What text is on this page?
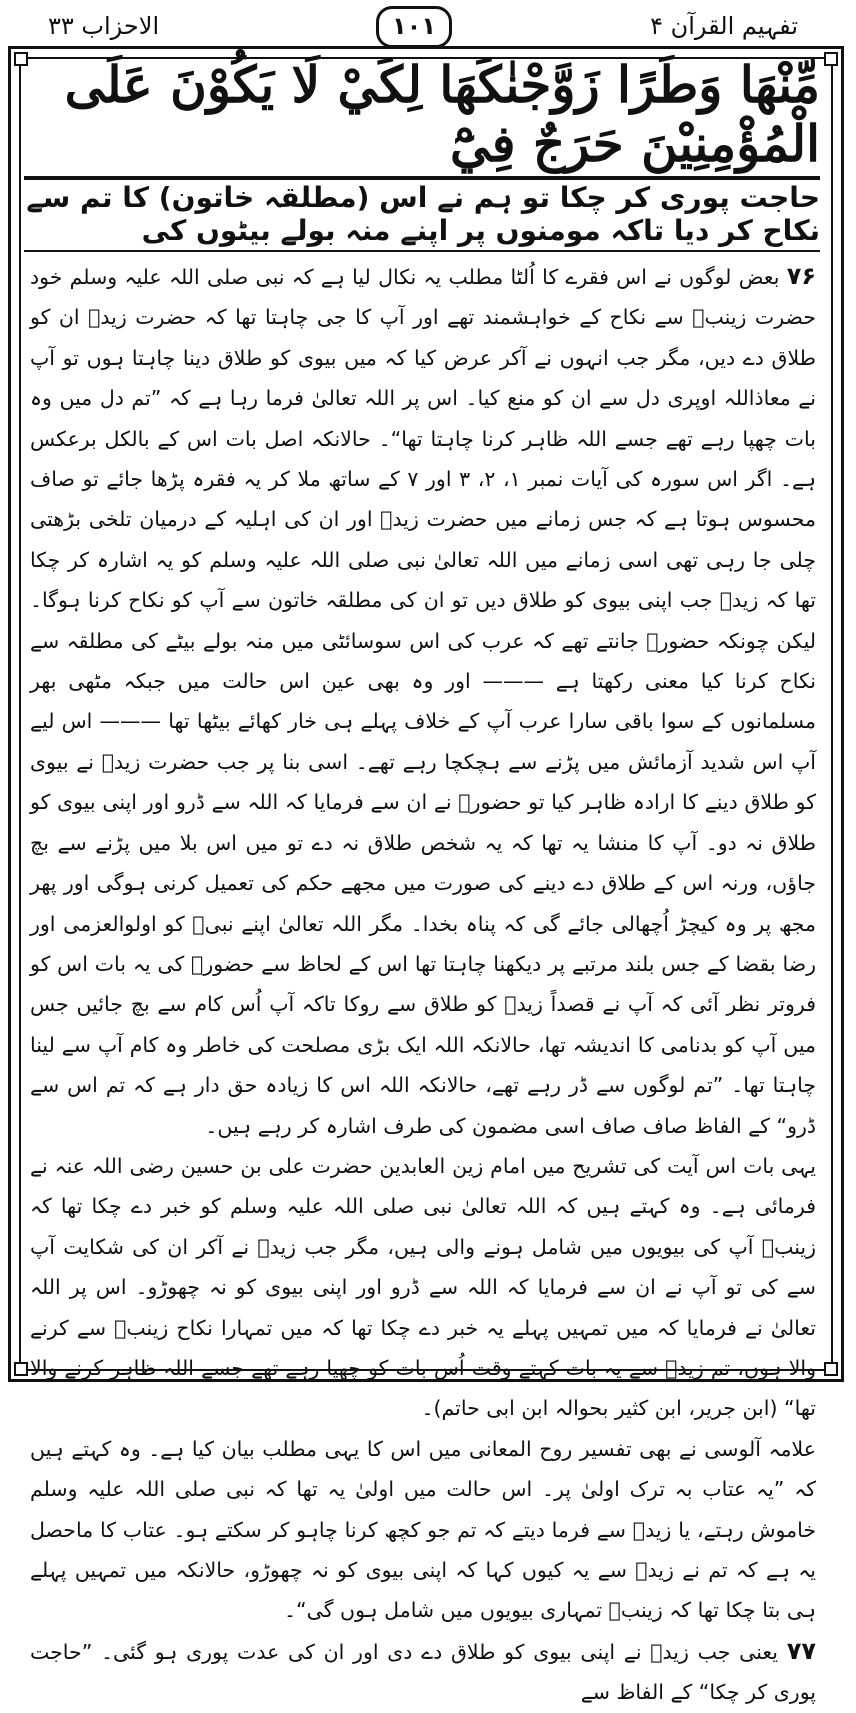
تفہیم القرآن ۴
۱۰۱
الاحزاب ۳۳
مِّنْهَا وَطَرًا زَوَّجْنٰكَهَا لِكَيْ لَا يَكُوْنَ عَلَى الْمُؤْمِنِيْنَ حَرَجٌ فِيْٓ
حاجت پوری کر چکا تو ہم نے اس (مطلقہ خاتون) کا تم سے نکاح کر دیا تاکہ مومنوں پر اپنے منہ بولے بیٹوں کی

۷۶ بعض لوگوں نے اس فقرے کا اُلٹا مطلب یہ نکال لیا ہے کہ نبی صلی اللہ علیہ وسلم خود حضرت زینبؓ سے نکاح کے خواہشمند تھے اور آپ کا جی چاہتا تھا کہ حضرت زیدؓ ان کو طلاق دے دیں، مگر جب انہوں نے آکر عرض کیا کہ میں بیوی کو طلاق دینا چاہتا ہوں تو آپ نے معاذاللہ اوپری دل سے ان کو منع کیا۔ اس پر اللہ تعالیٰ فرما رہا ہے کہ ”تم دل میں وہ بات چھپا رہے تھے جسے اللہ ظاہر کرنا چاہتا تھا“۔ حالانکہ اصل بات اس کے بالکل برعکس ہے۔ اگر اس سورہ کی آیات نمبر ۱، ۲، ۳ اور ۷ کے ساتھ ملا کر یہ فقرہ پڑھا جائے تو صاف محسوس ہوتا ہے کہ جس زمانے میں حضرت زیدؓ اور ان کی اہلیہ کے درمیان تلخی بڑھتی چلی جا رہی تھی اسی زمانے میں اللہ تعالیٰ نبی صلی اللہ علیہ وسلم کو یہ اشارہ کر چکا تھا کہ زیدؓ جب اپنی بیوی کو طلاق دیں تو ان کی مطلقہ خاتون سے آپ کو نکاح کرنا ہوگا۔ لیکن چونکہ حضورؐ جانتے تھے کہ عرب کی اس سوسائٹی میں منہ بولے بیٹے کی مطلقہ سے نکاح کرنا کیا معنی رکھتا ہے ——— اور وہ بھی عین اس حالت میں جبکہ مٹھی بھر مسلمانوں کے سوا باقی سارا عرب آپ کے خلاف پہلے ہی خار کھائے بیٹھا تھا ——— اس لیے آپ اس شدید آزمائش میں پڑنے سے ہچکچا رہے تھے۔ اسی بنا پر جب حضرت زیدؓ نے بیوی کو طلاق دینے کا ارادہ ظاہر کیا تو حضورؐ نے ان سے فرمایا کہ اللہ سے ڈرو اور اپنی بیوی کو طلاق نہ دو۔ آپ کا منشا یہ تھا کہ یہ شخص طلاق نہ دے تو میں اس بلا میں پڑنے سے بچ جاؤں، ورنہ اس کے طلاق دے دینے کی صورت میں مجھے حکم کی تعمیل کرنی ہوگی اور پھر مجھ پر وہ کیچڑ اُچھالی جائے گی کہ پناہ بخدا۔ مگر اللہ تعالیٰ اپنے نبیؐ کو اولوالعزمی اور رضا بقضا کے جس بلند مرتبے پر دیکھنا چاہتا تھا اس کے لحاظ سے حضورؐ کی یہ بات اس کو فروتر نظر آئی کہ آپ نے قصداً زیدؓ کو طلاق سے روکا تاکہ آپ اُس کام سے بچ جائیں جس میں آپ کو بدنامی کا اندیشہ تھا، حالانکہ اللہ ایک بڑی مصلحت کی خاطر وہ کام آپ سے لینا چاہتا تھا۔ ”تم لوگوں سے ڈر رہے تھے، حالانکہ اللہ اس کا زیادہ حق دار ہے کہ تم اس سے ڈرو“ کے الفاظ صاف صاف اسی مضمون کی طرف اشارہ کر رہے ہیں۔

یہی بات اس آیت کی تشریح میں امام زین العابدین حضرت علی بن حسین رضی اللہ عنہ نے فرمائی ہے۔ وہ کہتے ہیں کہ اللہ تعالیٰ نبی صلی اللہ علیہ وسلم کو خبر دے چکا تھا کہ زینبؓ آپ کی بیویوں میں شامل ہونے والی ہیں، مگر جب زیدؓ نے آکر ان کی شکایت آپ سے کی تو آپ نے ان سے فرمایا کہ اللہ سے ڈرو اور اپنی بیوی کو نہ چھوڑو۔ اس پر اللہ تعالیٰ نے فرمایا کہ میں تمہیں پہلے یہ خبر دے چکا تھا کہ میں تمہارا نکاح زینبؓ سے کرنے والا ہوں، تم زیدؓ سے یہ بات کہتے وقت اُس بات کو چھپا رہے تھے جسے اللہ ظاہر کرنے والا تھا“ (ابن جریر، ابن کثیر بحوالہ ابن ابی حاتم)۔

علامہ آلوسی نے بھی تفسیر روح المعانی میں اس کا یہی مطلب بیان کیا ہے۔ وہ کہتے ہیں کہ ”یہ عتاب بہ ترک اولیٰ پر۔ اس حالت میں اولیٰ یہ تھا کہ نبی صلی اللہ علیہ وسلم خاموش رہتے، یا زیدؓ سے فرما دیتے کہ تم جو کچھ کرنا چاہو کر سکتے ہو۔ عتاب کا ماحصل یہ ہے کہ تم نے زیدؓ سے یہ کیوں کہا کہ اپنی بیوی کو نہ چھوڑو، حالانکہ میں تمہیں پہلے ہی بتا چکا تھا کہ زینبؓ تمہاری بیویوں میں شامل ہوں گی“۔

۷۷ یعنی جب زیدؓ نے اپنی بیوی کو طلاق دے دی اور ان کی عدت پوری ہو گئی۔ ”حاجت پوری کر چکا“ کے الفاظ سے
